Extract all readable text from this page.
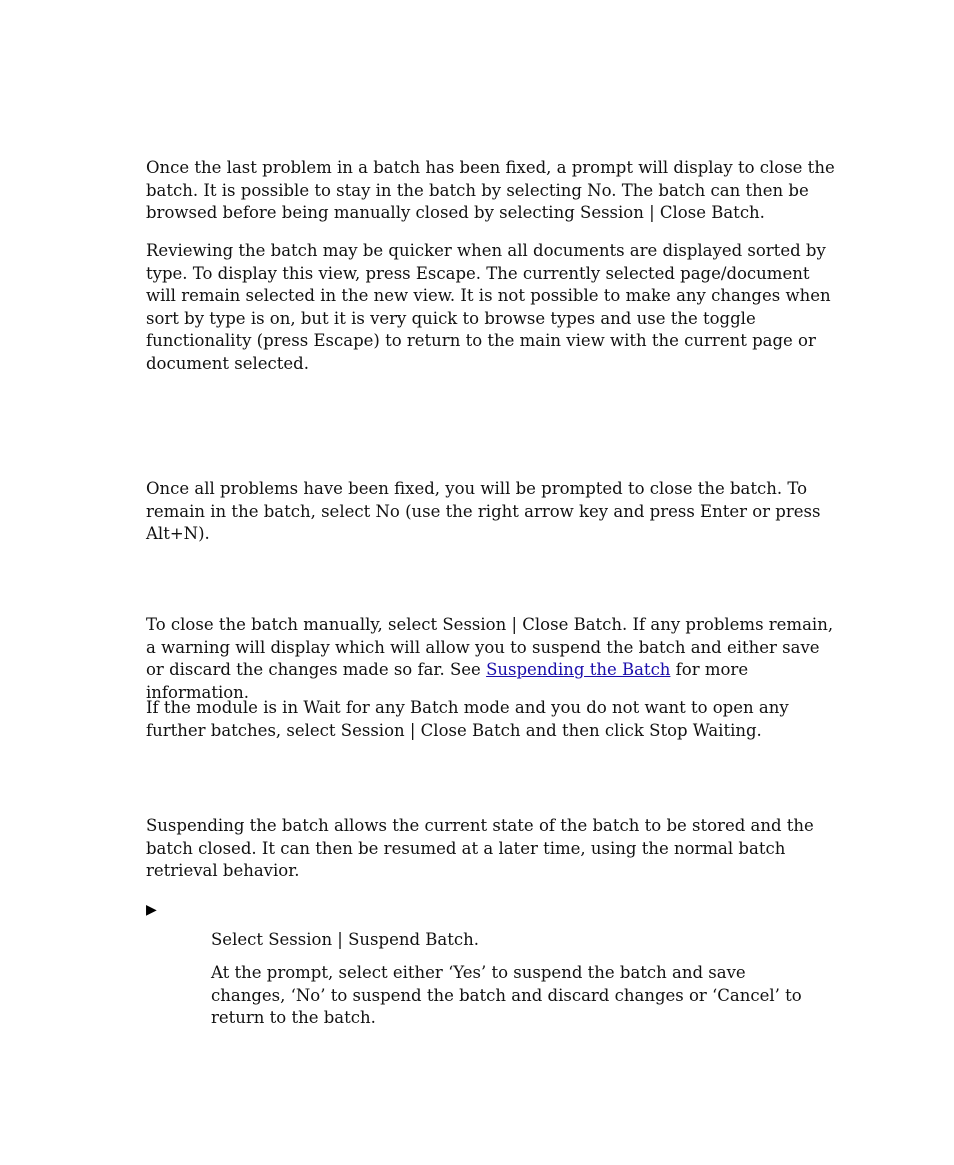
Once the last problem in a batch has been fixed, a prompt will display to close the batch. It is possible to stay in the batch by selecting No. The batch can then be browsed before being manually closed by selecting Session | Close Batch.

Reviewing the batch may be quicker when all documents are displayed sorted by type. To display this view, press Escape. The currently selected page/document will remain selected in the new view. It is not possible to make any changes when sort by type is on, but it is very quick to browse types and use the toggle functionality (press Escape) to return to the main view with the current page or document selected.

Once all problems have been fixed, you will be prompted to close the batch. To remain in the batch, select No (use the right arrow key and press Enter or press Alt+N).

To close the batch manually, select Session | Close Batch. If any problems remain, a warning will display which will allow you to suspend the batch and either save or discard the changes made so far. See Suspending the Batch for more information.

If the module is in Wait for any Batch mode and you do not want to open any further batches, select Session | Close Batch and then click Stop Waiting.

Suspending the batch allows the current state of the batch to be stored and the batch closed. It can then be resumed at a later time, using the normal batch retrieval behavior.

▶

Select Session | Suspend Batch.

At the prompt, select either ‘Yes’ to suspend the batch and save changes, ‘No’ to suspend the batch and discard changes or ‘Cancel’ to return to the batch.
